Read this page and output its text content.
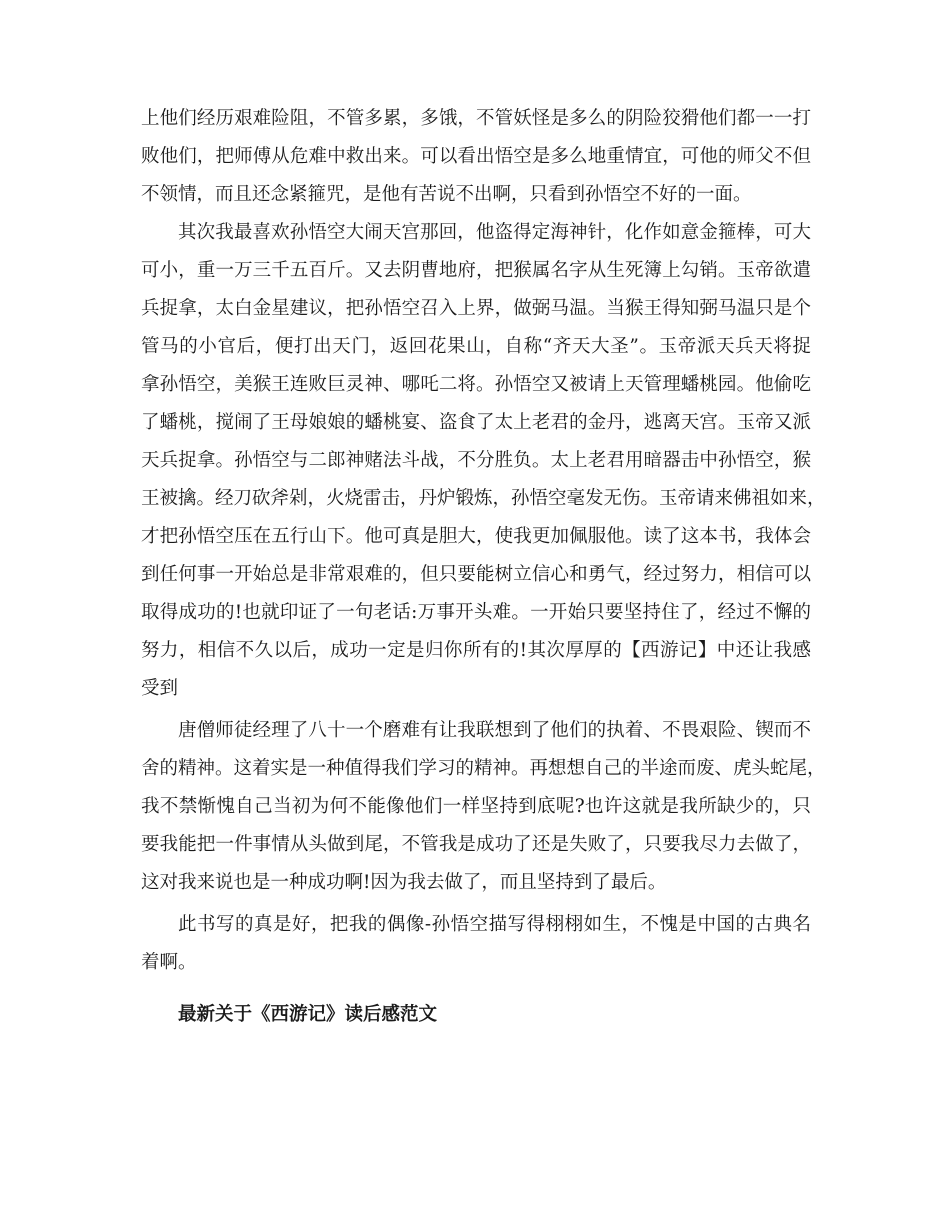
上他们经历艰难险阻，不管多累，多饿，不管妖怪是多么的阴险狡猾他们都一一打
败他们，把师傅从危难中救出来。可以看出悟空是多么地重情宜，可他的师父不但
不领情，而且还念紧箍咒，是他有苦说不出啊，只看到孙悟空不好的一面。
其次我最喜欢孙悟空大闹天宫那回，他盗得定海神针，化作如意金箍棒，可大
可小，重一万三千五百斤。又去阴曹地府，把猴属名字从生死簿上勾销。玉帝欲遣
兵捉拿，太白金星建议，把孙悟空召入上界，做弼马温。当猴王得知弼马温只是个
管马的小官后，便打出天门，返回花果山，自称“齐天大圣”。玉帝派天兵天将捉
拿孙悟空，美猴王连败巨灵神、哪吒二将。孙悟空又被请上天管理蟠桃园。他偷吃
了蟠桃，搅闹了王母娘娘的蟠桃宴、盗食了太上老君的金丹，逃离天宫。玉帝又派
天兵捉拿。孙悟空与二郎神赌法斗战，不分胜负。太上老君用暗器击中孙悟空，猴
王被擒。经刀砍斧剁，火烧雷击，丹炉锻炼，孙悟空毫发无伤。玉帝请来佛祖如来，
才把孙悟空压在五行山下。他可真是胆大，使我更加佩服他。读了这本书，我体会
到任何事一开始总是非常艰难的，但只要能树立信心和勇气，经过努力，相信可以
取得成功的!也就印证了一句老话:万事开头难。一开始只要坚持住了，经过不懈的
努力，相信不久以后，成功一定是归你所有的!其次厚厚的【西游记】中还让我感
受到
唐僧师徒经理了八十一个磨难有让我联想到了他们的执着、不畏艰险、锲而不
舍的精神。这着实是一种值得我们学习的精神。再想想自己的半途而废、虎头蛇尾，
我不禁惭愧自己当初为何不能像他们一样坚持到底呢?也许这就是我所缺少的，只
要我能把一件事情从头做到尾，不管我是成功了还是失败了，只要我尽力去做了，
这对我来说也是一种成功啊!因为我去做了，而且坚持到了最后。
此书写的真是好，把我的偶像-孙悟空描写得栩栩如生，不愧是中国的古典名
着啊。
最新关于《西游记》读后感范文
